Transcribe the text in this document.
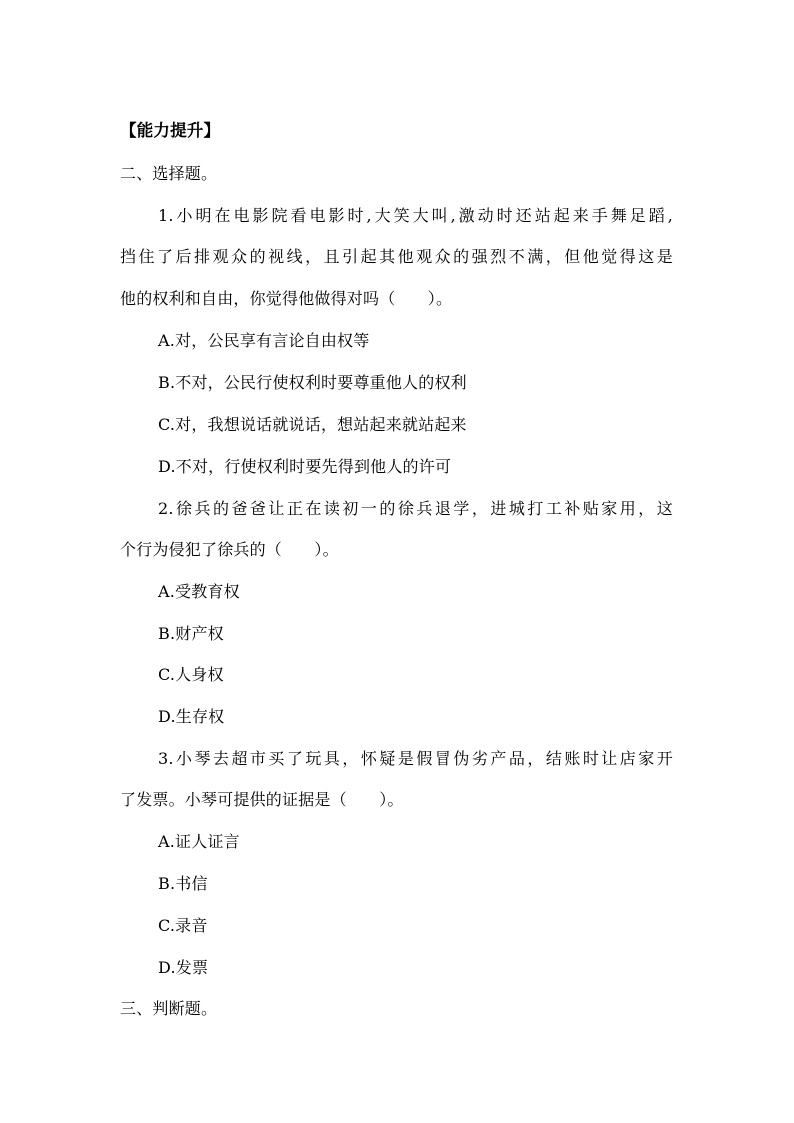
【能力提升】
二、选择题。
1.小明在电影院看电影时,大笑大叫,激动时还站起来手舞足蹈,
挡住了后排观众的视线，且引起其他观众的强烈不满，但他觉得这是
他的权利和自由，你觉得他做得对吗（　　）。
A.对，公民享有言论自由权等
B.不对，公民行使权利时要尊重他人的权利
C.对，我想说话就说话，想站起来就站起来
D.不对，行使权利时要先得到他人的许可
2.徐兵的爸爸让正在读初一的徐兵退学，进城打工补贴家用，这
个行为侵犯了徐兵的（　　）。
A.受教育权
B.财产权
C.人身权
D.生存权
3.小琴去超市买了玩具，怀疑是假冒伪劣产品，结账时让店家开
了发票。小琴可提供的证据是（　　）。
A.证人证言
B.书信
C.录音
D.发票
三、判断题。
